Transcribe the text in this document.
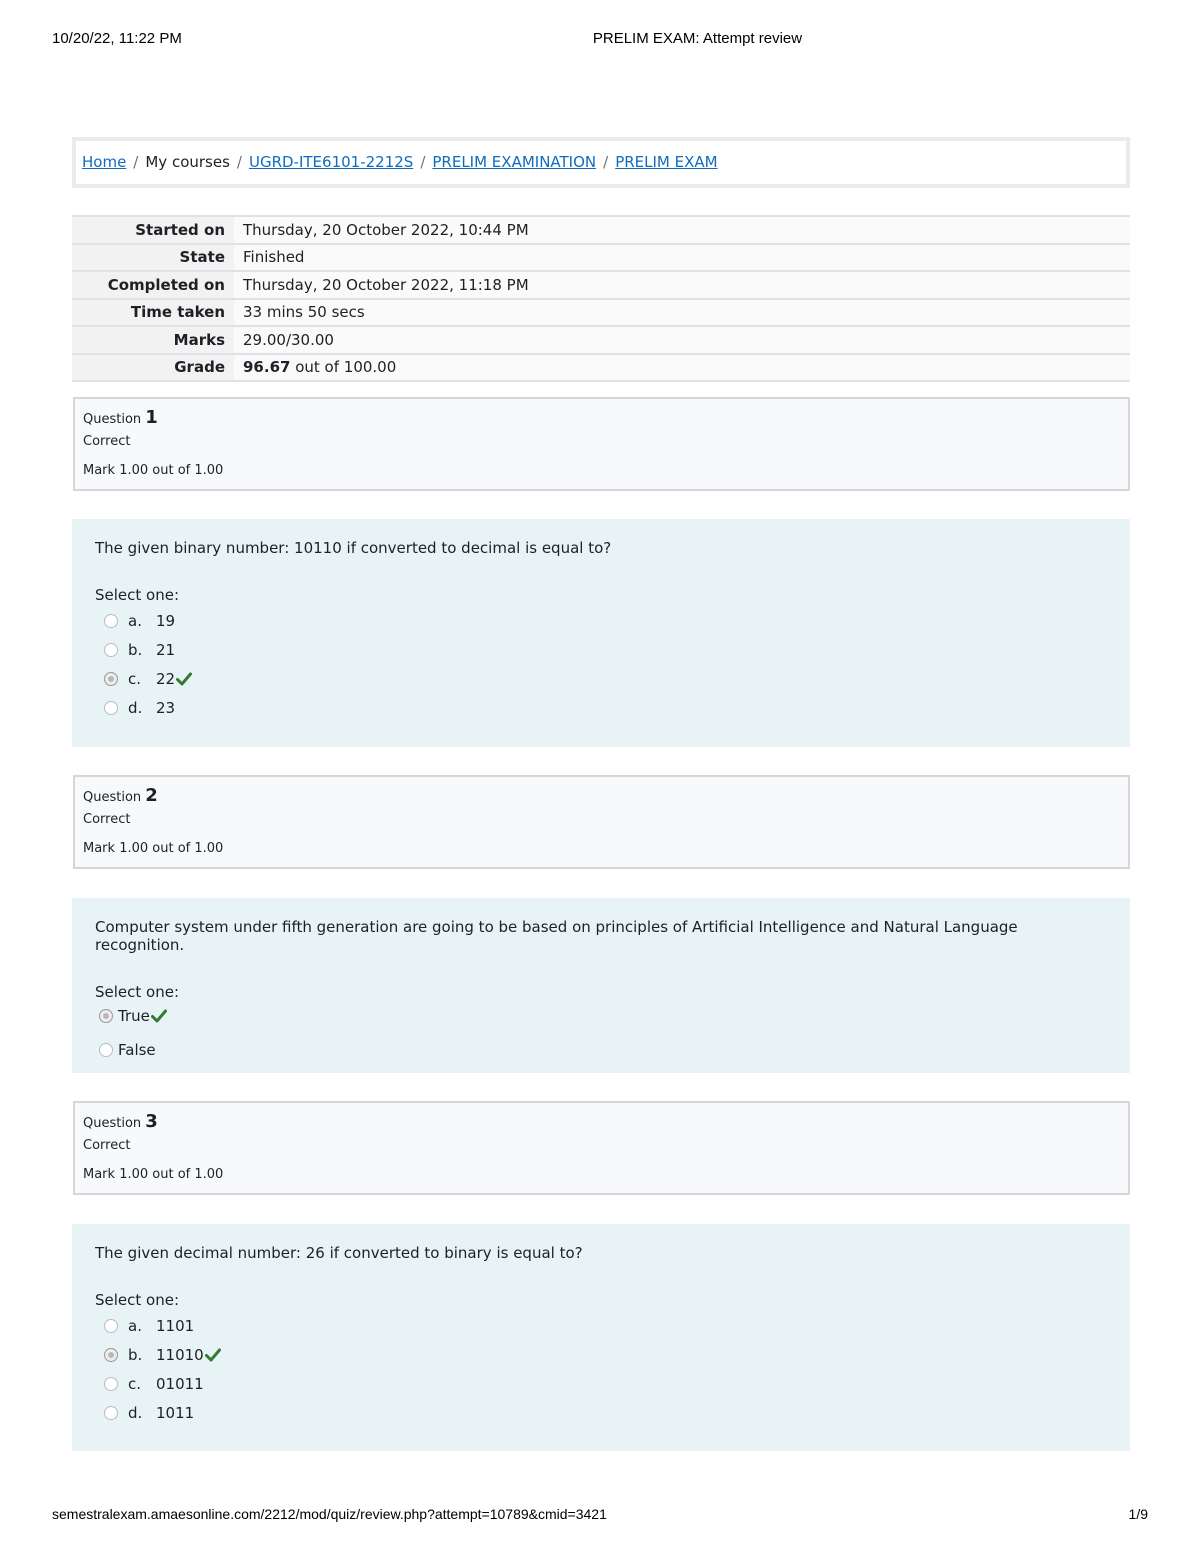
10/20/22, 11:22 PM	PRELIM EXAM: Attempt review
Home / My courses / UGRD-ITE6101-2212S / PRELIM EXAMINATION / PRELIM EXAM
Started on	Thursday, 20 October 2022, 10:44 PM
State	Finished
Completed on	Thursday, 20 October 2022, 11:18 PM
Time taken	33 mins 50 secs
Marks	29.00/30.00
Grade	96.67 out of 100.00
Question 1
Correct
Mark 1.00 out of 1.00
The given binary number: 10110 if converted to decimal is equal to?
Select one:
a. 19
b. 21
c. 22
d. 23
Question 2
Correct
Mark 1.00 out of 1.00
Computer system under fifth generation are going to be based on principles of Artificial Intelligence and Natural Language recognition.
Select one:
True
False
Question 3
Correct
Mark 1.00 out of 1.00
The given decimal number: 26 if converted to binary is equal to?
Select one:
a. 1101
b. 11010
c. 01011
d. 1011
semestralexam.amaesonline.com/2212/mod/quiz/review.php?attempt=10789&cmid=3421	1/9
